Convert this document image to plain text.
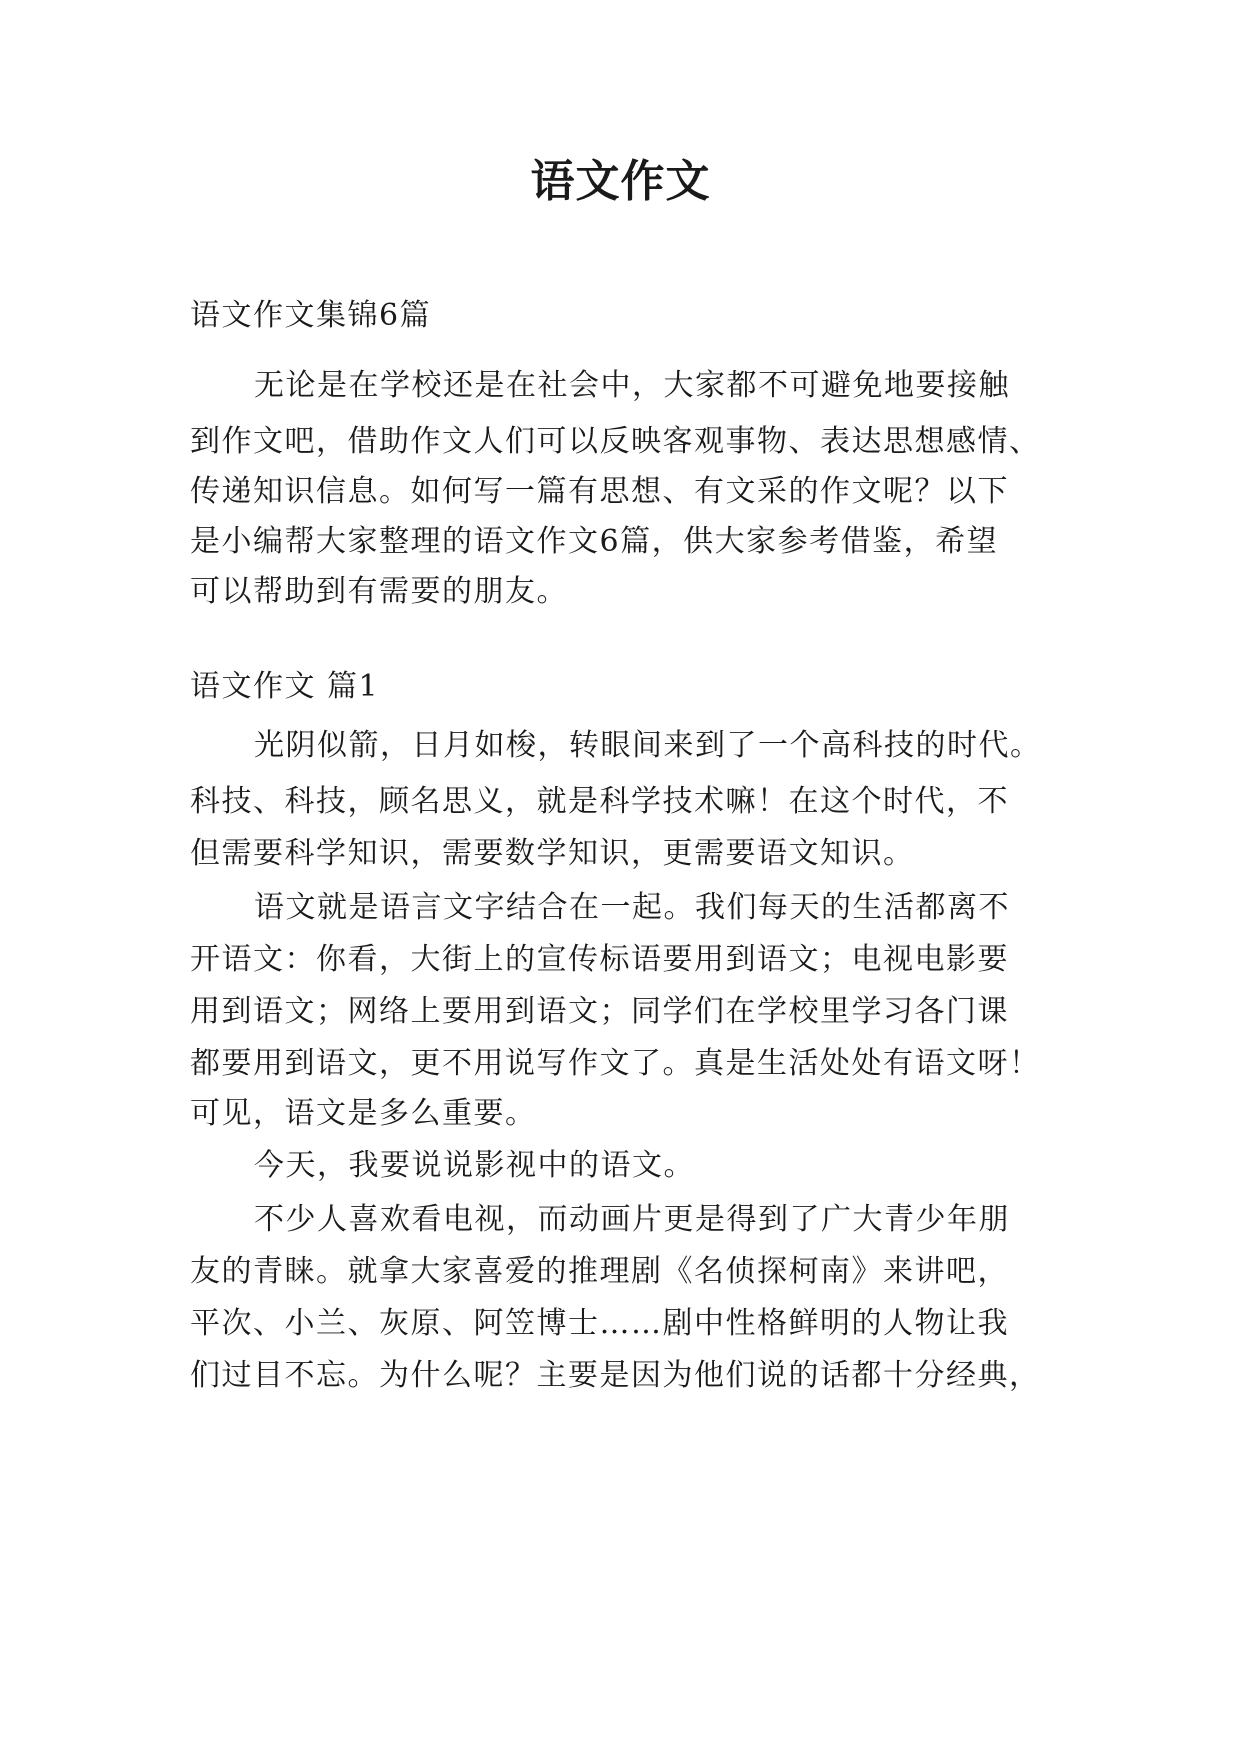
语文作文
语文作文集锦6篇
无论是在学校还是在社会中，大家都不可避免地要接触
到作文吧，借助作文人们可以反映客观事物、表达思想感情、
传递知识信息。如何写一篇有思想、有文采的作文呢？以下
是小编帮大家整理的语文作文6篇，供大家参考借鉴，希望
可以帮助到有需要的朋友。
语文作文 篇1
光阴似箭，日月如梭，转眼间来到了一个高科技的时代。
科技、科技，顾名思义，就是科学技术嘛！在这个时代，不
但需要科学知识，需要数学知识，更需要语文知识。
语文就是语言文字结合在一起。我们每天的生活都离不
开语文：你看，大街上的宣传标语要用到语文；电视电影要
用到语文；网络上要用到语文；同学们在学校里学习各门课
都要用到语文，更不用说写作文了。真是生活处处有语文呀！
可见，语文是多么重要。
今天，我要说说影视中的语文。
不少人喜欢看电视，而动画片更是得到了广大青少年朋
友的青睐。就拿大家喜爱的推理剧《名侦探柯南》来讲吧，
平次、小兰、灰原、阿笠博士……剧中性格鲜明的人物让我
们过目不忘。为什么呢？主要是因为他们说的话都十分经典，
